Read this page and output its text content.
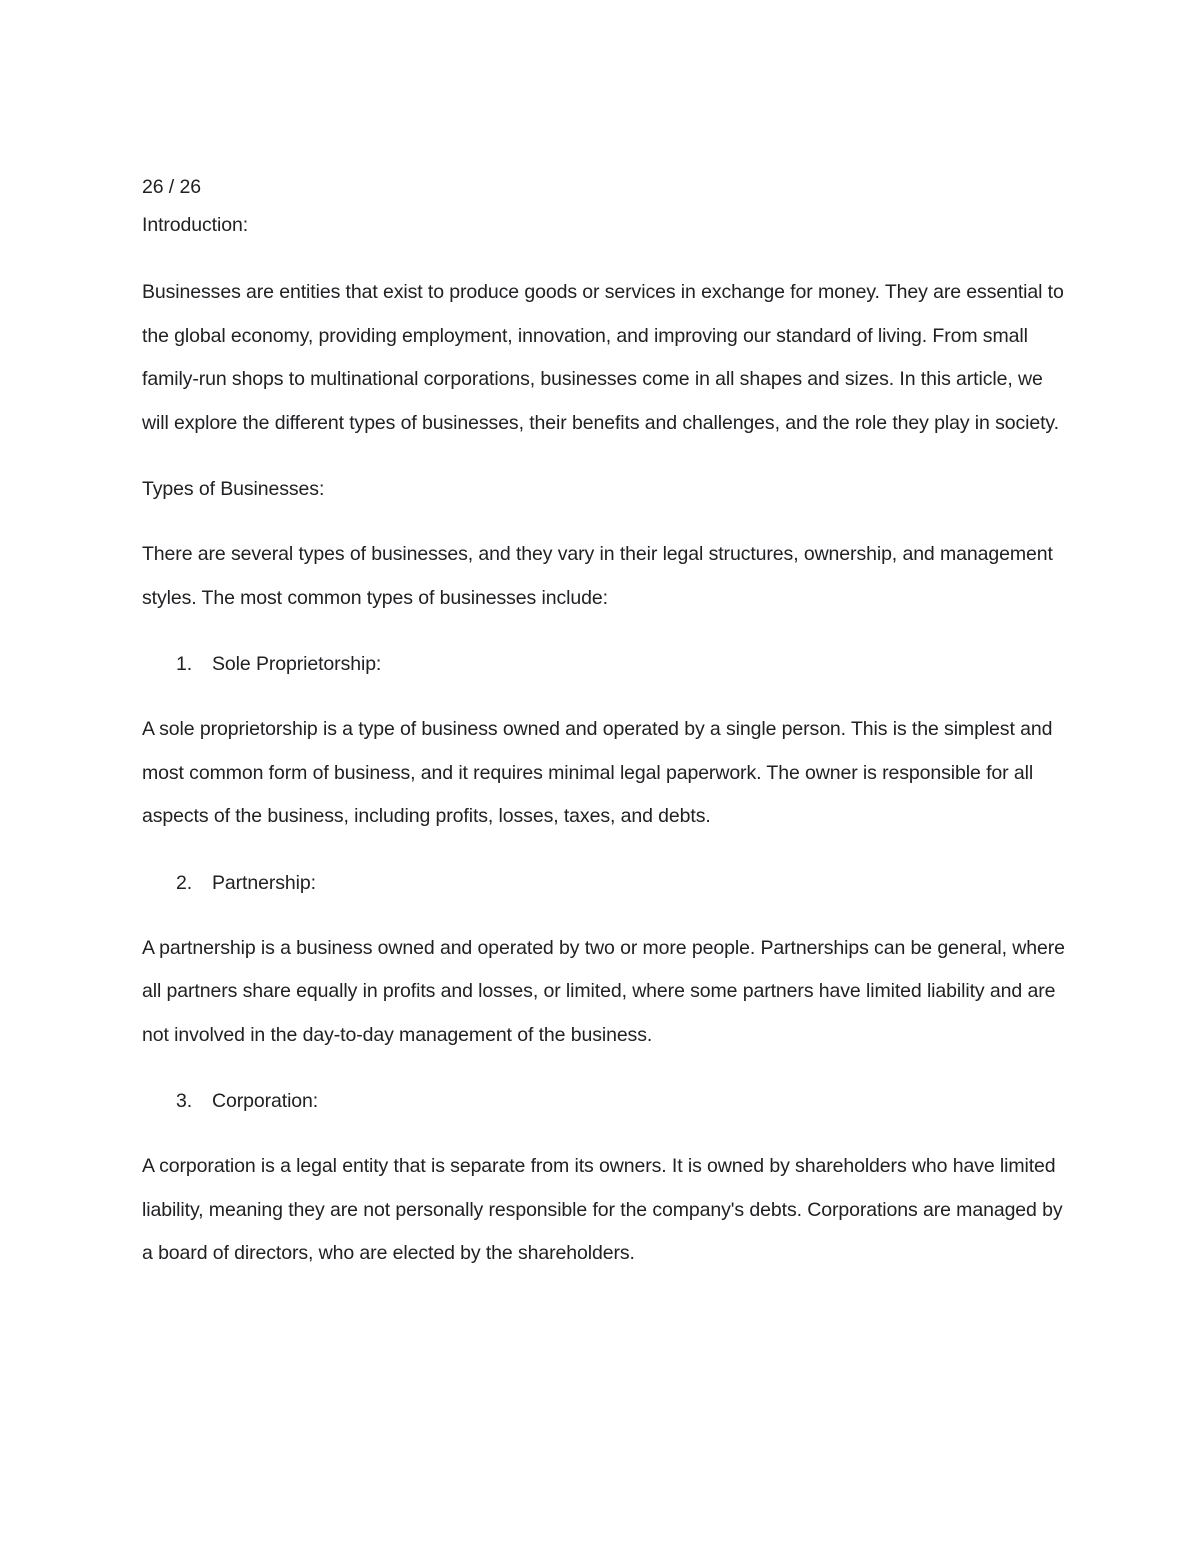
26 / 26

Introduction:

Businesses are entities that exist to produce goods or services in exchange for money. They are essential to the global economy, providing employment, innovation, and improving our standard of living. From small family-run shops to multinational corporations, businesses come in all shapes and sizes. In this article, we will explore the different types of businesses, their benefits and challenges, and the role they play in society.

Types of Businesses:

There are several types of businesses, and they vary in their legal structures, ownership, and management styles. The most common types of businesses include:

1.	Sole Proprietorship:

A sole proprietorship is a type of business owned and operated by a single person. This is the simplest and most common form of business, and it requires minimal legal paperwork. The owner is responsible for all aspects of the business, including profits, losses, taxes, and debts.

2.	Partnership:

A partnership is a business owned and operated by two or more people. Partnerships can be general, where all partners share equally in profits and losses, or limited, where some partners have limited liability and are not involved in the day-to-day management of the business.

3.	Corporation:

A corporation is a legal entity that is separate from its owners. It is owned by shareholders who have limited liability, meaning they are not personally responsible for the company's debts. Corporations are managed by a board of directors, who are elected by the shareholders.
